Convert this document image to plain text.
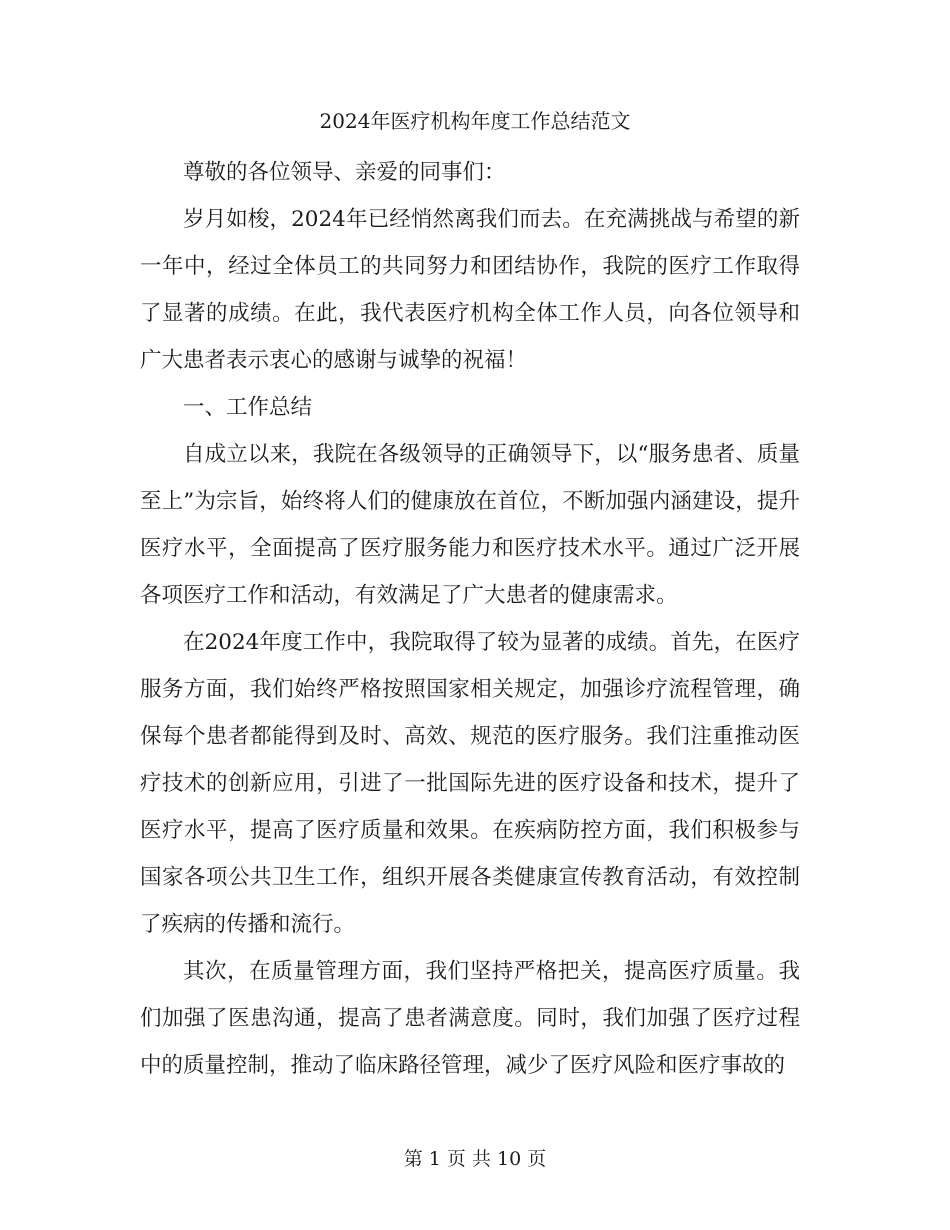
2024年医疗机构年度工作总结范文

尊敬的各位领导、亲爱的同事们：

岁月如梭，2024年已经悄然离我们而去。在充满挑战与希望的新一年中，经过全体员工的共同努力和团结协作，我院的医疗工作取得了显著的成绩。在此，我代表医疗机构全体工作人员，向各位领导和广大患者表示衷心的感谢与诚挚的祝福！

一、工作总结

自成立以来，我院在各级领导的正确领导下，以“服务患者、质量至上”为宗旨，始终将人们的健康放在首位，不断加强内涵建设，提升医疗水平，全面提高了医疗服务能力和医疗技术水平。通过广泛开展各项医疗工作和活动，有效满足了广大患者的健康需求。

在2024年度工作中，我院取得了较为显著的成绩。首先，在医疗服务方面，我们始终严格按照国家相关规定，加强诊疗流程管理，确保每个患者都能得到及时、高效、规范的医疗服务。我们注重推动医疗技术的创新应用，引进了一批国际先进的医疗设备和技术，提升了医疗水平，提高了医疗质量和效果。在疾病防控方面，我们积极参与国家各项公共卫生工作，组织开展各类健康宣传教育活动，有效控制了疾病的传播和流行。

其次，在质量管理方面，我们坚持严格把关，提高医疗质量。我们加强了医患沟通，提高了患者满意度。同时，我们加强了医疗过程中的质量控制，推动了临床路径管理，减少了医疗风险和医疗事故的

第 1 页 共 10 页
